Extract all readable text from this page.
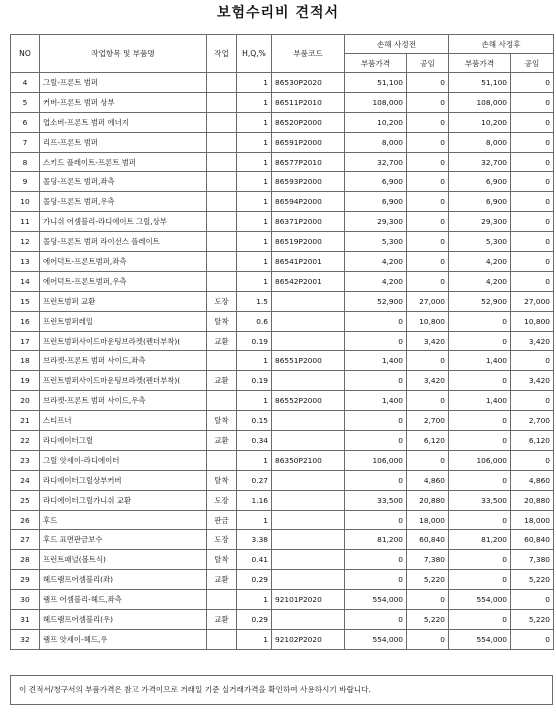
보험수리비 견적서
NO	작업항목 및 부품명	작업	H,Q,%	부품코드	손해 사정전		손해 사정후	
					부품가격	공임	부품가격	공임
4	그릴-프론트 범퍼		1	86530P2020	51,100	0	51,100	0
5	커버-프론트 범퍼 상부		1	86511P2010	108,000	0	108,000	0
6	업소버-프론트 범퍼 에너지		1	86520P2000	10,200	0	10,200	0
7	리프-프론트 범퍼		1	86591P2000	8,000	0	8,000	0
8	스키드 플레이트-프론트 범퍼		1	86577P2010	32,700	0	32,700	0
9	몰딩-프론트 범퍼,좌측		1	86593P2000	6,900	0	6,900	0
10	몰딩-프론트 범퍼,우측		1	86594P2000	6,900	0	6,900	0
11	가니쉬 어셈블리-라디에이트 그릴,상부		1	86371P2000	29,300	0	29,300	0
12	몰딩-프론트 범퍼 라이선스 플레이트		1	86519P2000	5,300	0	5,300	0
13	에어덕트-프론트범퍼,좌측		1	86541P2001	4,200	0	4,200	0
14	에어덕트-프론트범퍼,우측		1	86542P2001	4,200	0	4,200	0
15	프런트범퍼 교환	도장	1.5		52,900	27,000	52,900	27,000
16	프런트범퍼레일	탈착	0.6		0	10,800	0	10,800
17	프런트범퍼사이드마운팅브라켓(펜더부착)(	교환	0.19		0	3,420	0	3,420
18	브라켓-프론트 범퍼 사이드,좌측		1	86551P2000	1,400	0	1,400	0
19	프런트범퍼사이드마운팅브라켓(펜더부착)(	교환	0.19		0	3,420	0	3,420
20	브라켓-프론트 범퍼 사이드,우측		1	86552P2000	1,400	0	1,400	0
21	스티프너	탈착	0.15		0	2,700	0	2,700
22	라디에이터그릴	교환	0.34		0	6,120	0	6,120
23	그릴 앗세이-라디에이터		1	86350P2100	106,000	0	106,000	0
24	라디에이터그릴상부커버	탈착	0.27		0	4,860	0	4,860
25	라디에이터그릴가니쉬 교환	도장	1.16		33,500	20,880	33,500	20,880
26	후드	판금	1		0	18,000	0	18,000
27	후드 표면판금보수	도장	3.38		81,200	60,840	81,200	60,840
28	프런트패널(볼트식)	탈착	0.41		0	7,380	0	7,380
29	헤드램프어셈블리(좌)	교환	0.29		0	5,220	0	5,220
30	램프 어셈블리-헤드,좌측		1	92101P2020	554,000	0	554,000	0
31	헤드램프어셈블리(우)	교환	0.29		0	5,220	0	5,220
32	램프 앗세이-헤드,우		1	92102P2020	554,000	0	554,000	0
이 견적서/청구서의 부품가격은 참고 가격이므로 거래일 기준 실거래가격을 확인하여 사용하시기 바랍니다.
